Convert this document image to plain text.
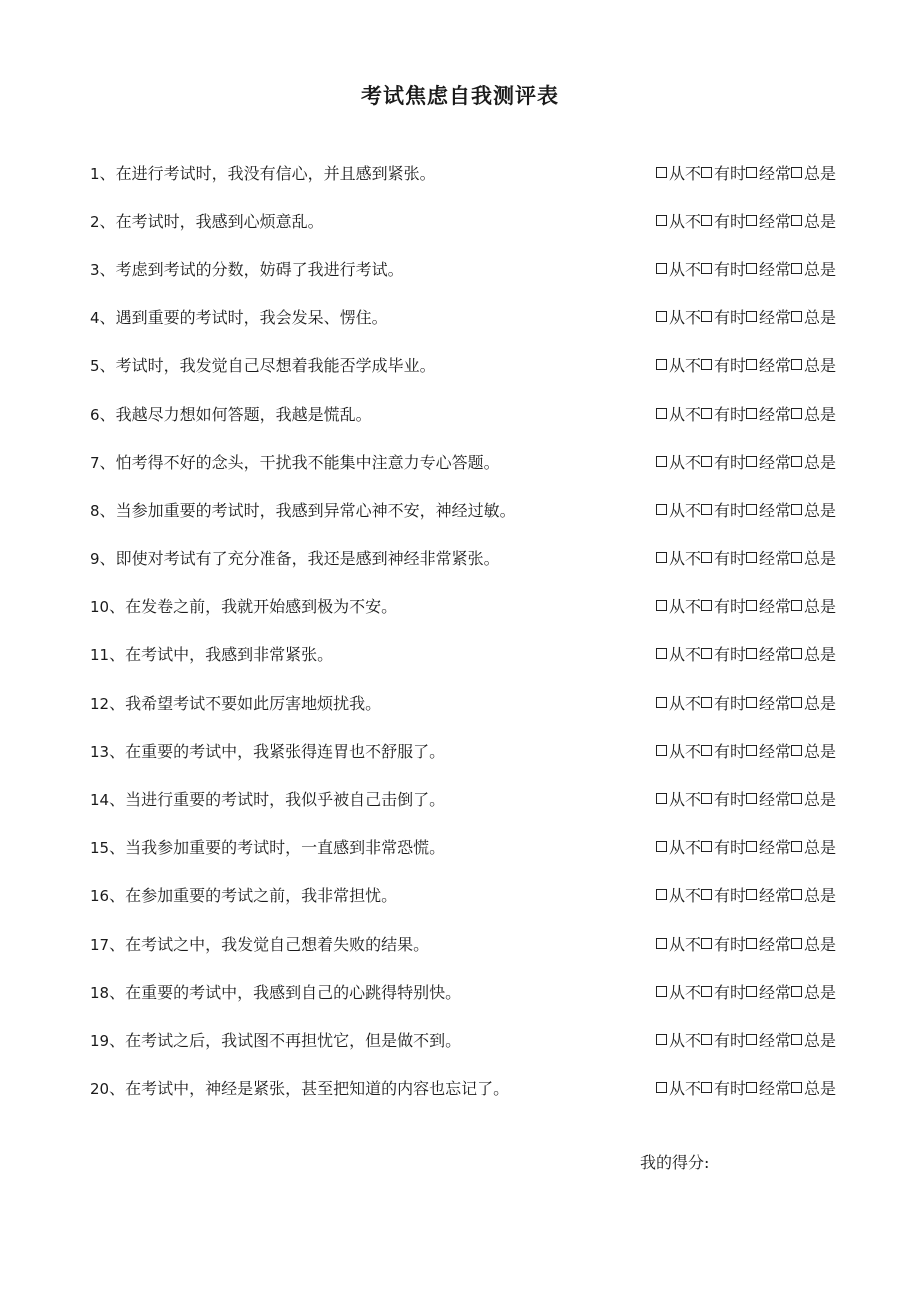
考试焦虑自我测评表
1 、 在进行考试时，我没有信心，并且感到紧张。	从不 有时 经常 总是
2 、 在考试时，我感到心烦意乱。	从不 有时 经常 总是
3 、 考虑到考试的分数，妨碍了我进行考试。	从不 有时 经常 总是
4 、 遇到重要的考试时，我会发呆、愣住。	从不 有时 经常 总是
5 、 考试时，我发觉自己尽想着我能否学成毕业。	从不 有时 经常 总是
6 、 我越尽力想如何答题，我越是慌乱。	从不 有时 经常 总是
7 、 怕考得不好的念头，干扰我不能集中注意力专心答题。	从不 有时 经常 总是
8 、 当参加重要的考试时，我感到异常心神不安，神经过敏。	从不 有时 经常 总是
9 、 即使对考试有了充分准备，我还是感到神经非常紧张。	从不 有时 经常 总是
10 、 在发卷之前，我就开始感到极为不安。	从不 有时 经常 总是
11 、 在考试中，我感到非常紧张。	从不 有时 经常 总是
12 、 我希望考试不要如此厉害地烦扰我。	从不 有时 经常 总是
13 、 在重要的考试中，我紧张得连胃也不舒服了。	从不 有时 经常 总是
14 、 当进行重要的考试时，我似乎被自己击倒了。	从不 有时 经常 总是
15 、 当我参加重要的考试时，一直感到非常恐慌。	从不 有时 经常 总是
16 、 在参加重要的考试之前，我非常担忧。	从不 有时 经常 总是
17 、 在考试之中，我发觉自己想着失败的结果。	从不 有时 经常 总是
18 、 在重要的考试中，我感到自己的心跳得特别快。	从不 有时 经常 总是
19 、 在考试之后，我试图不再担忧它，但是做不到。	从不 有时 经常 总是
20 、 在考试中，神经是紧张，甚至把知道的内容也忘记了。	从不 有时 经常 总是
我的得分:
